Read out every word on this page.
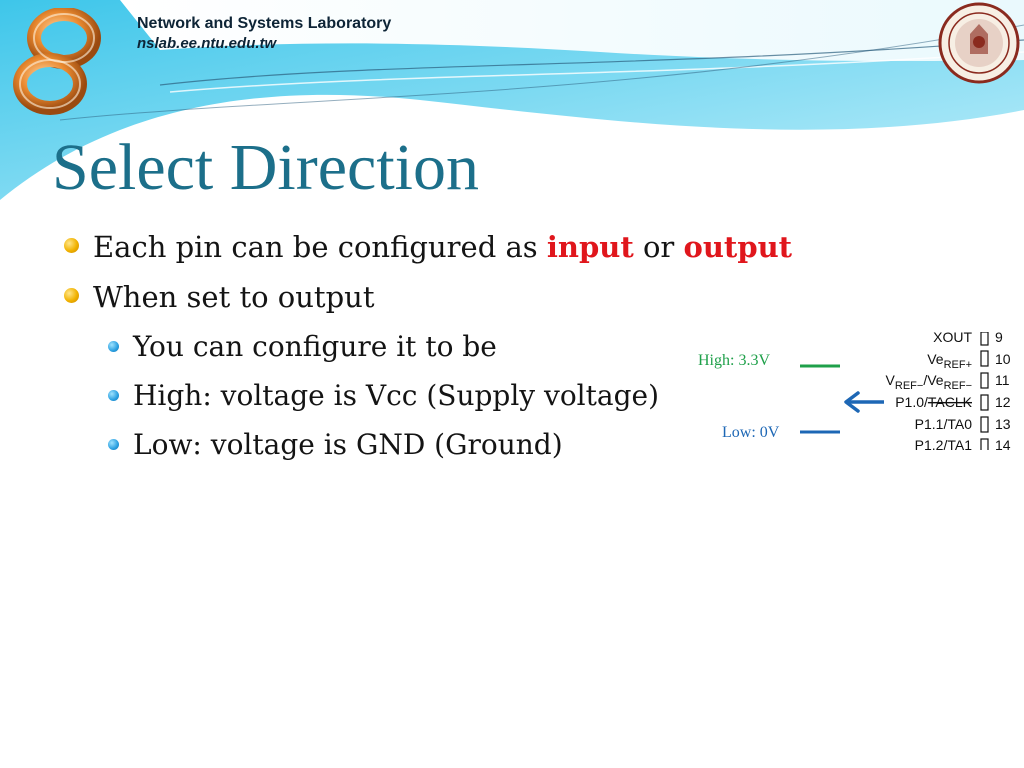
Network and Systems Laboratory
nslab.ee.ntu.edu.tw
Select Direction
Each pin can be configured as input or output
When set to output
You can configure it to be
High: voltage is Vcc (Supply voltage)
Low: voltage is GND (Ground)
High: 3.3V
Low: 0V
XOUT
$Ve_{REF+}$
$V_{REF-}/Ve_{REF-}$
P1.0/TACLK
P1.1/TA0
P1.2/TA1
9
10
11
12
13
14
